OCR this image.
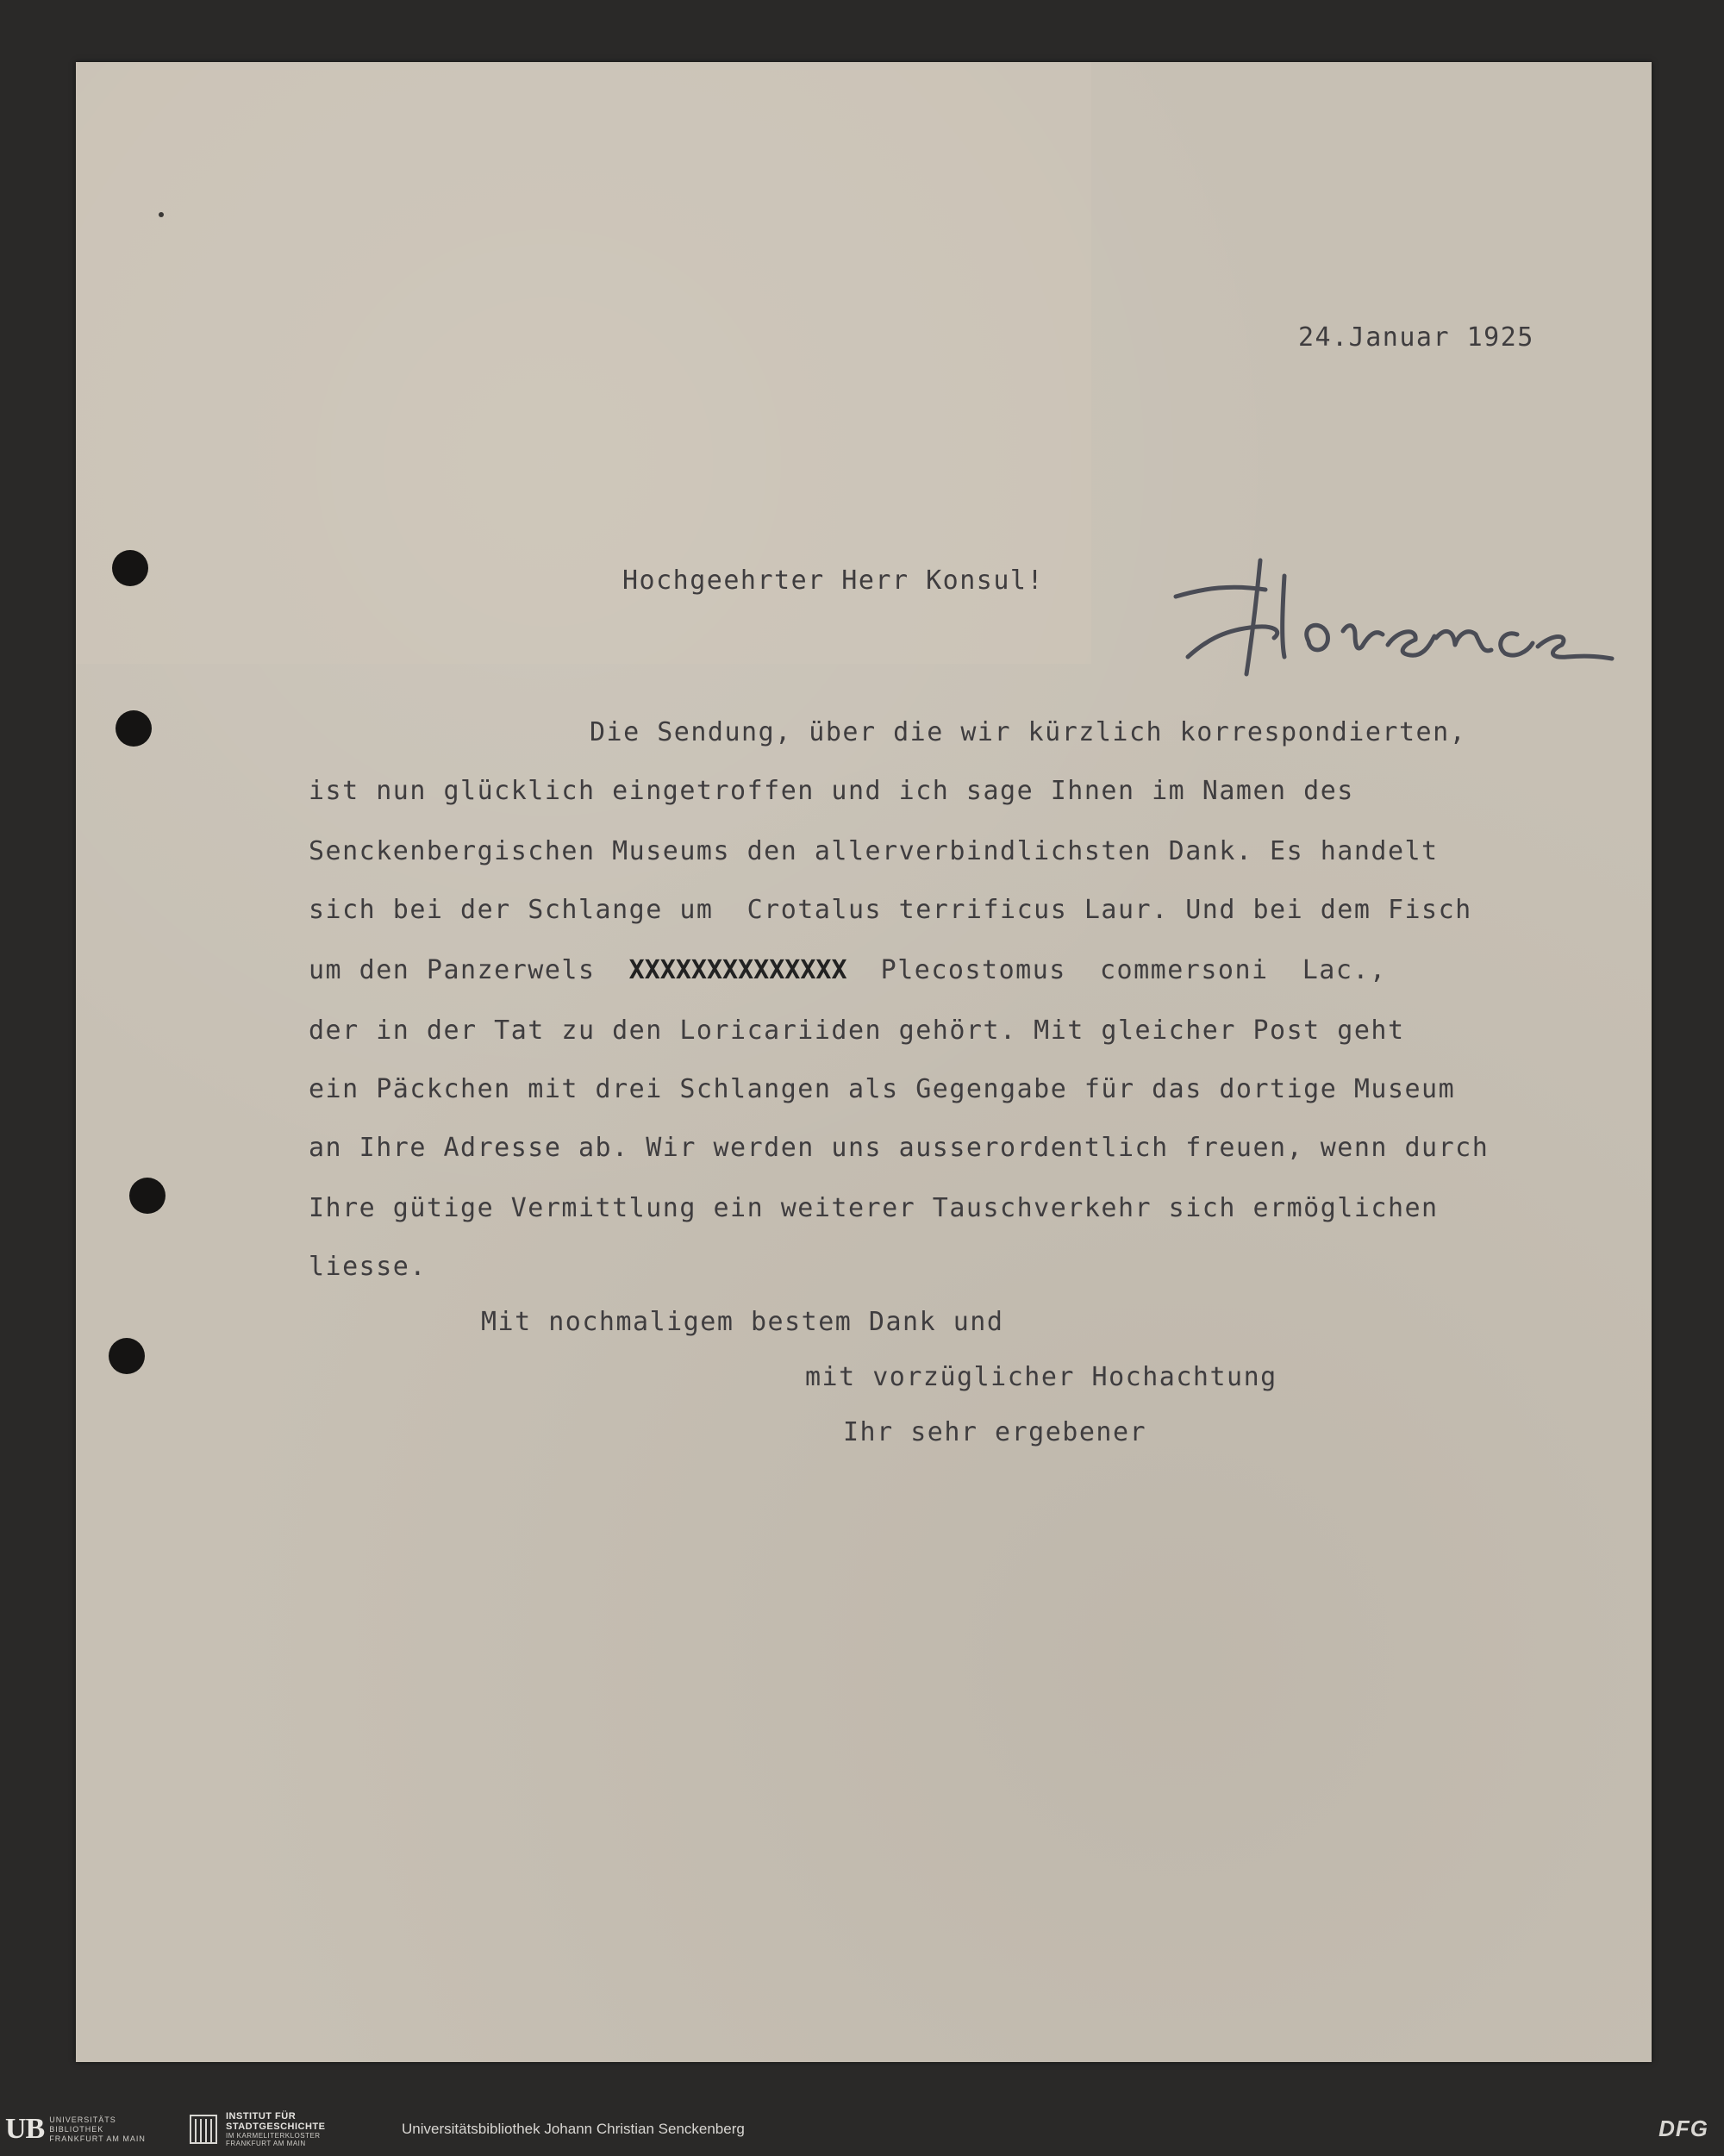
24.Januar 1925
Hochgeehrter Herr Konsul!
Die Sendung, über die wir kürzlich korrespondierten,
ist nun glücklich eingetroffen und ich sage Ihnen im Namen des
Senckenbergischen Museums den allerverbindlichsten Dank. Es handelt
sich bei der Schlange um  Crotalus terrificus Laur. Und bei dem Fisch
um den Panzerwels  XXXXXXXXXXXXXX  Plecostomus  commersoni  Lac.,
der in der Tat zu den Loricariiden gehört. Mit gleicher Post geht
ein Päckchen mit drei Schlangen als Gegengabe für das dortige Museum
an Ihre Adresse ab. Wir werden uns ausserordentlich freuen, wenn durch
Ihre gütige Vermittlung ein weiterer Tauschverkehr sich ermöglichen
liesse.
Mit nochmaligem bestem Dank und
mit vorzüglicher Hochachtung
Ihr sehr ergebener
UB UNIVERSITÄTS
BIBLIOTHEK
FRANKFURT AM MAIN
INSTITUT FÜR
STADTGESCHICHTE
IM KARMELITERKLOSTER
FRANKFURT AM MAIN
Universitätsbibliothek Johann Christian Senckenberg	DFG
